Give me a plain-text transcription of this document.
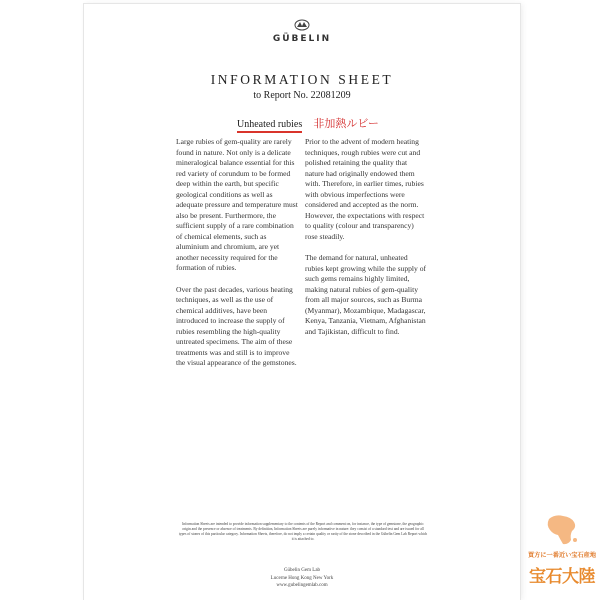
GÜBELIN
INFORMATION SHEET
to Report No. 22081209
Unheated rubies 非加熱ルビー

Large rubies of gem-quality are rarely found in nature. Not only is a delicate mineralogical balance essential for this red variety of corundum to be formed deep within the earth, but specific geological conditions as well as adequate pressure and temperature must also be present. Furthermore, the sufficient supply of a rare combination of chemical elements, such as aluminium and chromium, are yet another necessity required for the formation of rubies.

Over the past decades, various heating techniques, as well as the use of chemical additives, have been introduced to increase the supply of rubies resembling the high-quality untreated specimens. The aim of these treatments was and still is to improve the visual appearance of the gemstones.

Prior to the advent of modern heating techniques, rough rubies were cut and polished retaining the quality that nature had originally endowed them with. Therefore, in earlier times, rubies with obvious imperfections were considered and accepted as the norm. However, the expectations with respect to quality (colour and transparency) rose steadily.

The demand for natural, unheated rubies kept growing while the supply of such gems remains highly limited, making natural rubies of gem-quality from all major sources, such as Burma (Myanmar), Mozambique, Madagascar, Kenya, Tanzania, Vietnam, Afghanistan and Tajikistan, difficult to find.

Information Sheets are intended to provide information supplementary to the contents of the Report and comment on, for instance, the type of gemstone, the geographic origin and the presence or absence of treatments. By definition, Information Sheets are purely informative in nature: they consist of a standard text and are issued for all types of stones of this particular category. Information Sheets, therefore, do not imply a certain quality or rarity of the stone described in the Gübelin Gem Lab Report which it is attached to.
Gübelin Gem Lab
Lucerne Hong Kong New York
www.gubelingemlab.com
買方に一番近い宝石産地
宝石大陸
